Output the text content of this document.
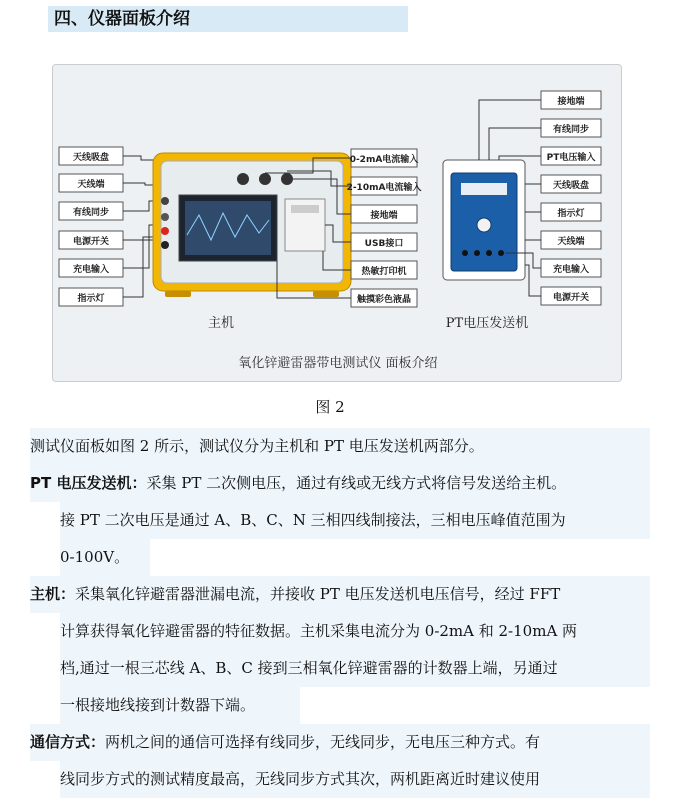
四、仪器面板介绍
天线吸盘
天线端
有线同步
电源开关
充电输入
指示灯
0-2mA电流输入
2-10mA电流输入
接地端
USB接口
热敏打印机
触摸彩色液晶
主机
接地端
有线同步
PT电压输入
天线吸盘
指示灯
天线端
充电输入
电源开关
PT电压发送机
氧化锌避雷器带电测试仪 面板介绍
图 2
测试仪面板如图 2 所示，测试仪分为主机和 PT 电压发送机两部分。
PT 电压发送机：采集 PT 二次侧电压，通过有线或无线方式将信号发送给主机。
接 PT 二次电压是通过 A、B、C、N 三相四线制接法，三相电压峰值范围为
0-100V。
主机：采集氧化锌避雷器泄漏电流，并接收 PT 电压发送机电压信号，经过 FFT
计算获得氧化锌避雷器的特征数据。主机采集电流分为 0-2mA 和 2-10mA 两
档,通过一根三芯线 A、B、C 接到三相氧化锌避雷器的计数器上端，另通过
一根接地线接到计数器下端。
通信方式：两机之间的通信可选择有线同步，无线同步，无电压三种方式。有
线同步方式的测试精度最高，无线同步方式其次，两机距离近时建议使用
